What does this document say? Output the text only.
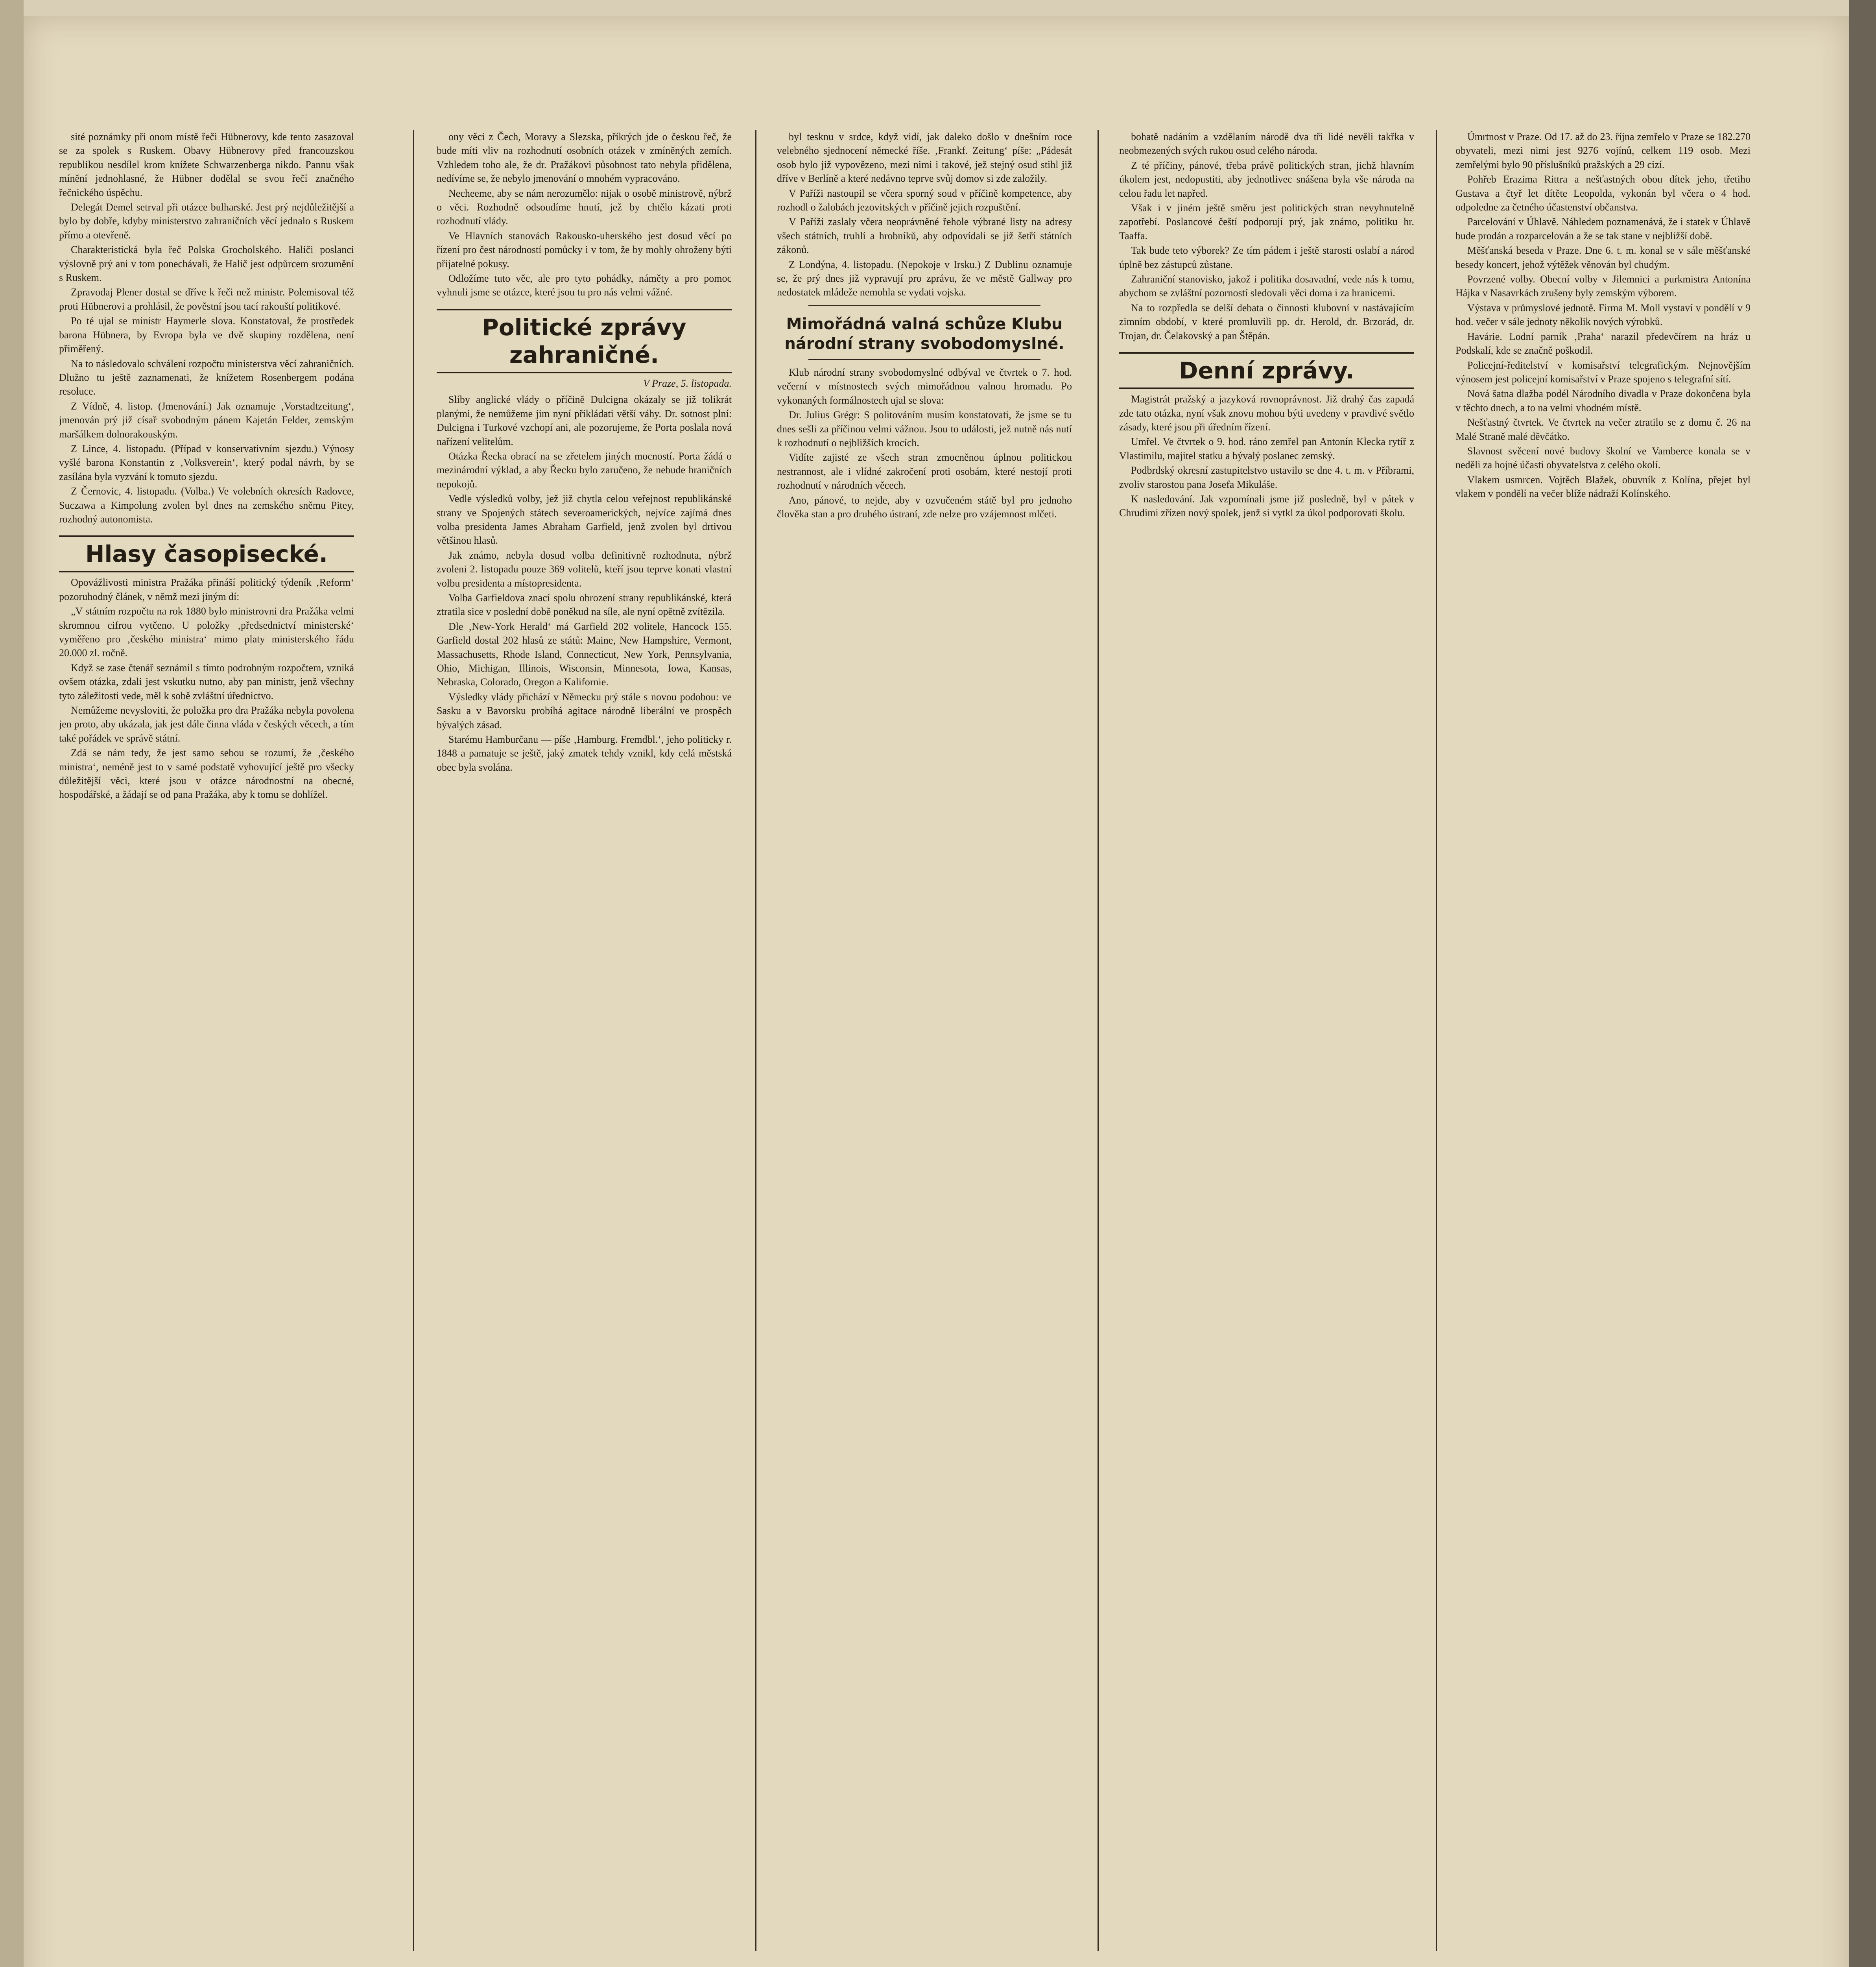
sité poznámky při onom místě řeči Hübnerovy, kde tento zasazoval se za spolek s Ruskem. Obavy Hübnerovy před francouzskou republikou nesdílel krom knížete Schwarzenberga nikdo. Pannu však mínění jednohlasné, že Hübner dodělal se svou řečí značného řečnického úspěchu.

Delegát Demel setrval při otázce bulharské. Jest prý nejdůležitější a bylo by dobře, kdyby ministerstvo zahraničních věcí jednalo s Ruskem přímo a otevřeně.

Charakteristická byla řeč Polska Grocholského. Haliči poslanci výslovně prý ani v tom ponechávali, že Halič jest odpůrcem srozumění s Ruskem.

Zpravodaj Plener dostal se dříve k řeči než ministr. Polemisoval též proti Hübnerovi a prohlásil, že pověstní jsou tací rakouští politikové.

Po té ujal se ministr Haymerle slova. Konstatoval, že prostředek barona Hübnera, by Evropa byla ve dvě skupiny rozdělena, není přiměřený.

Na to následovalo schválení rozpočtu ministerstva věcí zahraničních. Dlužno tu ještě zaznamenati, že knížetem Rosenbergem podána resoluce.

Z Vídně, 4. listop. (Jmenování.) Jak oznamuje ‚Vorstadtzeitung‘, jmenován prý již císař svobodným pánem Kajetán Felder, zemským maršálkem dolnorakouským.

Z Lince, 4. listopadu. (Případ v konservativním sjezdu.) Výnosy vyšlé barona Konstantin z ‚Volksverein‘, který podal návrh, by se zasílána byla vyzvání k tomuto sjezdu.

Z Černovic, 4. listopadu. (Volba.) Ve volebních okresích Radovce, Suczawa a Kimpolung zvolen byl dnes na zemského sněmu Pitey, rozhodný autonomista.

Hlasy časopisecké.

Opovážlivosti ministra Pražáka přináší politický týdeník ‚Reform‘ pozoruhodný článek, v němž mezi jiným dí:

„V státním rozpočtu na rok 1880 bylo ministrovni dra Pražáka velmi skromnou cifrou vytčeno. U položky ‚předsednictví ministerské‘ vyměřeno pro ‚českého ministra‘ mimo platy ministerského řádu 20.000 zl. ročně.

Když se zase čtenář seznámil s tímto podrobným rozpočtem, vzniká ovšem otázka, zdali jest vskutku nutno, aby pan ministr, jenž všechny tyto záležitosti vede, měl k sobě zvláštní úřednictvo.

Nemůžeme nevysloviti, že položka pro dra Pražáka nebyla povolena jen proto, aby ukázala, jak jest dále činna vláda v českých věcech, a tím také pořádek ve správě státní.

Zdá se nám tedy, že jest samo sebou se rozumí, že ‚českého ministra‘, neméně jest to v samé podstatě vyhovující ještě pro všecky důležitější věci, které jsou v otázce národnostní na obecné, hospodářské, a žádají se od pana Pražáka, aby k tomu se dohlížel.

ony věci z Čech, Moravy a Slezska, příkrých jde o českou řeč, že bude míti vliv na rozhodnutí osobních otázek v zmíněných zemích. Vzhledem toho ale, že dr. Pražákovi působnost tato nebyla přidělena, nedívíme se, že nebylo jmenování o mnohém vypracováno.

Necheeme, aby se nám nerozumělo: nijak o osobě ministrově, nýbrž o věci. Rozhodně odsoudíme hnutí, jež by chtělo kázati proti rozhodnutí vlády.

Ve Hlavních stanovách Rakousko-uherského jest dosud věcí po řízení pro čest národností pomůcky i v tom, že by mohly ohroženy býti přijatelné pokusy.

Odložíme tuto věc, ale pro tyto pohádky, náměty a pro pomoc vyhnuli jsme se otázce, které jsou tu pro nás velmi vážné.

Politické zprávy zahraničné.
V Praze, 5. listopada.

Slíby anglické vlády o příčině Dulcigna okázaly se již tolikrát planými, že nemůžeme jim nyní přikládati větší váhy. Dr. sotnost plní: Dulcigna i Turkové vzchopí ani, ale pozorujeme, že Porta poslala nová nařízení velitelům.

Otázka Řecka obrací na se zřetelem jiných mocností. Porta žádá o mezinárodní výklad, a aby Řecku bylo zaručeno, že nebude hraničních nepokojů.

Vedle výsledků volby, jež již chytla celou veřejnost republikánské strany ve Spojených státech severoamerických, nejvíce zajímá dnes volba presidenta James Abraham Garfield, jenž zvolen byl drtivou většinou hlasů.

Jak známo, nebyla dosud volba definitivně rozhodnuta, nýbrž zvoleni 2. listopadu pouze 369 volitelů, kteří jsou teprve konati vlastní volbu presidenta a místopresidenta.

Volba Garfieldova znací spolu obrození strany republikánské, která ztratila sice v poslední době poněkud na síle, ale nyní opětně zvítězila.

Dle ‚New-York Herald‘ má Garfield 202 volitele, Hancock 155. Garfield dostal 202 hlasů ze států: Maine, New Hampshire, Vermont, Massachusetts, Rhode Island, Connecticut, New York, Pennsylvania, Ohio, Michigan, Illinois, Wisconsin, Minnesota, Iowa, Kansas, Nebraska, Colorado, Oregon a Kalifornie.

Výsledky vlády přichází v Německu prý stále s novou podobou: ve Sasku a v Bavorsku probíhá agitace národně liberální ve prospěch bývalých zásad.

Starému Hamburčanu — píše ‚Hamburg. Fremdbl.‘, jeho politicky r. 1848 a pamatuje se ještě, jaký zmatek tehdy vznikl, kdy celá městská obec byla svolána.

byl tesknu v srdce, když vidí, jak daleko došlo v dnešním roce velebného sjednocení německé říše. ‚Frankf. Zeitung‘ píše: „Pádesát osob bylo již vypovězeno, mezi nimi i takové, jež stejný osud stihl již dříve v Berlíně a které nedávno teprve svůj domov si zde založily.

V Paříži nastoupil se včera sporný soud v příčině kompetence, aby rozhodl o žalobách jezovitských v příčině jejich rozpuštění.

V Paříži zaslaly včera neoprávněné řehole výbrané listy na adresy všech státních, truhlí a hrobníků, aby odpovídali se již šetří státních zákonů.

Z Londýna, 4. listopadu. (Nepokoje v Irsku.) Z Dublinu oznamuje se, že prý dnes již vypravují pro zprávu, že ve městě Gallway pro nedostatek mládeže nemohla se vydati vojska.

Mimořádná valná schůze Klubu národní strany svobodomyslné.

Klub národní strany svobodomyslné odbýval ve čtvrtek o 7. hod. večerní v místnostech svých mimořádnou valnou hromadu. Po vykonaných formálnostech ujal se slova:

Dr. Julius Grégr: S politováním musím konstatovati, že jsme se tu dnes sešli za příčinou velmi vážnou. Jsou to události, jež nutně nás nutí k rozhodnutí o nejbližších krocích.

Vidíte zajisté ze všech stran zmocněnou úplnou politickou nestrannost, ale i vlídné zakročení proti osobám, které nestojí proti rozhodnutí v národních věcech.

Ano, pánové, to nejde, aby v ozvučeném státě byl pro jednoho člověka stan a pro druhého ústraní, zde nelze pro vzájemnost mlčeti.

bohatě nadáním a vzdělaním národě dva tři lidé nevěli takřka v neobmezených svých rukou osud celého národa.

Z té příčiny, pánové, třeba právě politických stran, jichž hlavním úkolem jest, nedopustiti, aby jednotlivec snášena byla vše národa na celou řadu let napřed.

Však i v jiném ještě směru jest politických stran nevyhnutelně zapotřebí. Poslancové čeští podporují prý, jak známo, politiku hr. Taaffa.

Tak bude teto výborek? Ze tím pádem i ještě starosti oslabí a národ úplně bez zástupců zůstane.

Zahraniční stanovisko, jakož i politika dosavadní, vede nás k tomu, abychom se zvláštní pozorností sledovali věci doma i za hranicemi.

Na to rozpředla se delší debata o činnosti klubovní v nastávajícím zimním období, v které promluvili pp. dr. Herold, dr. Brzorád, dr. Trojan, dr. Čelakovský a pan Štěpán.

Denní zprávy.

Magistrát pražský a jazyková rovnoprávnost. Již drahý čas zapadá zde tato otázka, nyní však znovu mohou býti uvedeny v pravdivé světlo zásady, které jsou při úředním řízení.

Umřel. Ve čtvrtek o 9. hod. ráno zemřel pan Antonín Klecka rytíř z Vlastimilu, majitel statku a bývalý poslanec zemský.

Podbrdský okresní zastupitelstvo ustavilo se dne 4. t. m. v Příbrami, zvoliv starostou pana Josefa Mikuláše.

K nasledování. Jak vzpomínali jsme již posledně, byl v pátek v Chrudimi zřízen nový spolek, jenž si vytkl za úkol podporovati školu.

Úmrtnost v Praze. Od 17. až do 23. října zemřelo v Praze se 182.270 obyvateli, mezi nimi jest 9276 vojínů, celkem 119 osob. Mezi zemřelými bylo 90 příslušníků pražských a 29 cizí.

Pohřeb Erazima Rittra a nešťastných obou dítek jeho, třetiho Gustava a čtyř let dítěte Leopolda, vykonán byl včera o 4 hod. odpoledne za četného účastenství občanstva.

Parcelování v Úhlavě. Náhledem poznamenává, že i statek v Úhlavě bude prodán a rozparcelován a že se tak stane v nejbližší době.

Měšťanská beseda v Praze. Dne 6. t. m. konal se v sále měšťanské besedy koncert, jehož výtěžek věnován byl chudým.

Povrzené volby. Obecní volby v Jilemnici a purkmistra Antonína Hájka v Nasavrkách zrušeny byly zemským výborem.

Výstava v průmyslové jednotě. Firma M. Moll vystaví v pondělí v 9 hod. večer v sále jednoty několik nových výrobků.

Havárie. Lodní parník ‚Praha‘ narazil předevčírem na hráz u Podskalí, kde se značně poškodil.

Policejní-ředitelství v komisařství telegrafickým. Nejnovějším výnosem jest policejní komisařství v Praze spojeno s telegrafní sítí.

Nová šatna dlažba podél Národního divadla v Praze dokončena byla v těchto dnech, a to na velmi vhodném místě.

Nešťastný čtvrtek. Ve čtvrtek na večer ztratilo se z domu č. 26 na Malé Straně malé děvčátko.

Slavnost svěcení nové budovy školní ve Vamberce konala se v neděli za hojné účasti obyvatelstva z celého okolí.

Vlakem usmrcen. Vojtěch Blažek, obuvník z Kolína, přejet byl vlakem v pondělí na večer blíže nádraží Kolínského.
